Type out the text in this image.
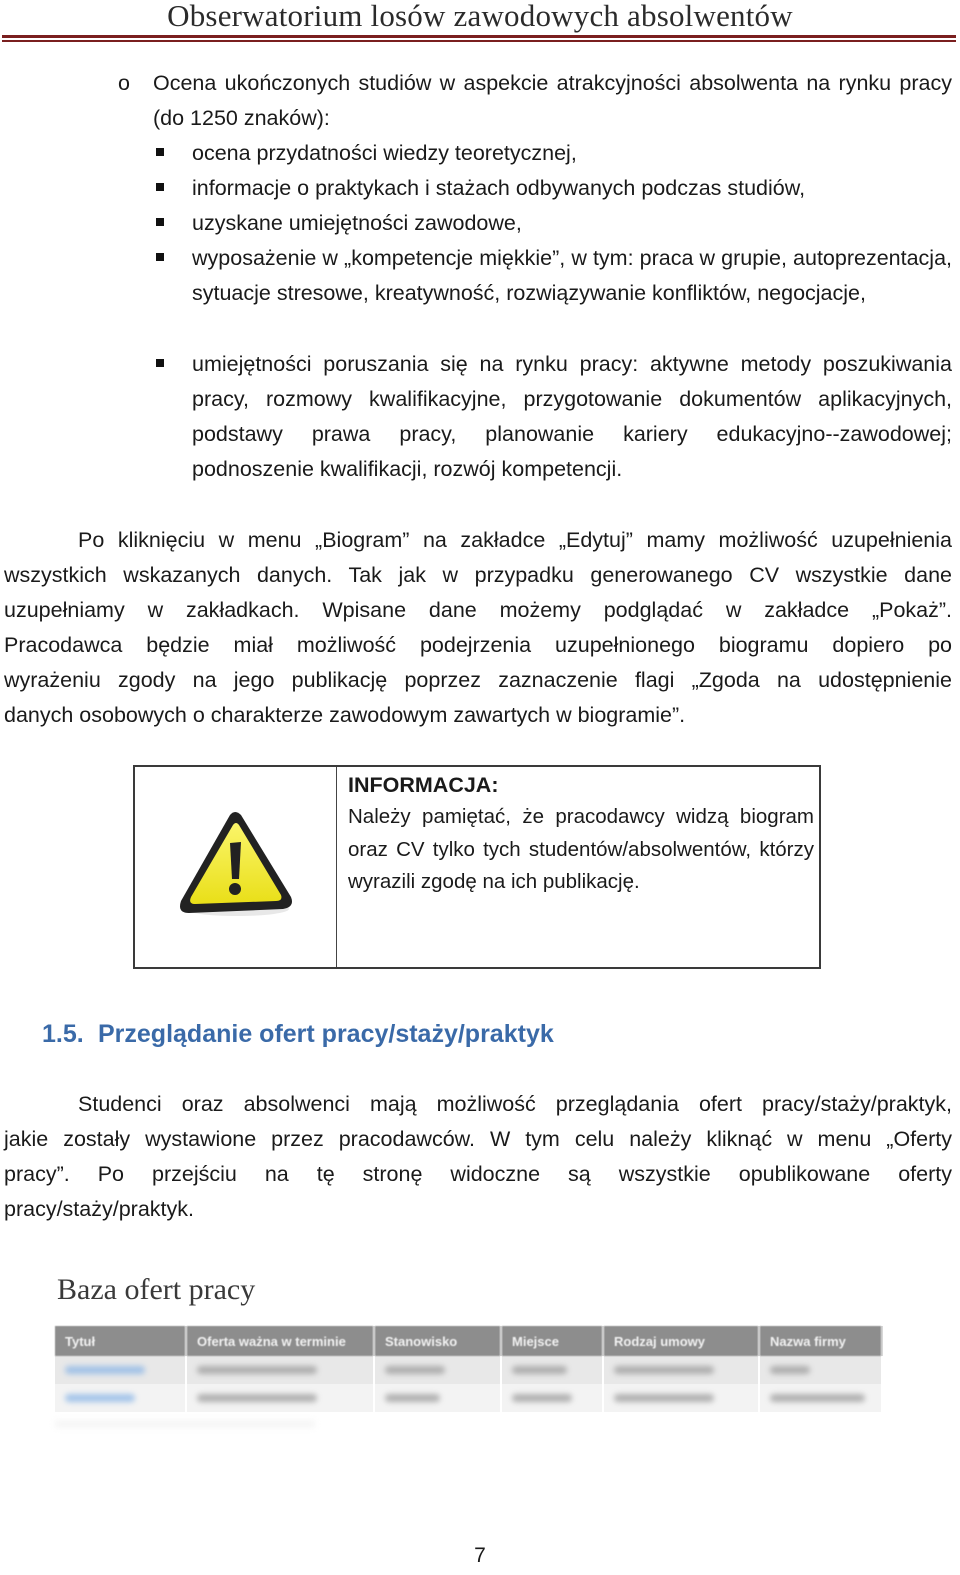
Obserwatorium losów zawodowych absolwentów
o	Ocena ukończonych studiów w aspekcie atrakcyjności absolwenta na rynku pracy (do 1250 znaków):
ocena przydatności wiedzy teoretycznej,
informacje o praktykach i stażach odbywanych podczas studiów,
uzyskane umiejętności zawodowe,
wyposażenie w „kompetencje miękkie”, w tym: praca w grupie, autoprezentacja, sytuacje stresowe, kreatywność, rozwiązywanie konfliktów, negocjacje,
umiejętności poruszania się na rynku pracy: aktywne metody poszukiwania pracy, rozmowy kwalifikacyjne, przygotowanie dokumentów aplikacyjnych, podstawy prawa pracy, planowanie kariery edukacyjno--zawodowej; podnoszenie kwalifikacji, rozwój kompetencji.
Po kliknięciu w menu „Biogram” na zakładce „Edytuj” mamy możliwość uzupełnienia
wszystkich wskazanych danych. Tak jak w przypadku generowanego CV wszystkie dane
uzupełniamy w zakładkach. Wpisane dane możemy podglądać w zakładce „Pokaż”.
Pracodawca będzie miał możliwość podejrzenia uzupełnionego biogramu dopiero po
wyrażeniu zgody na jego publikację poprzez zaznaczenie flagi „Zgoda na udostępnienie
danych osobowych o charakterze zawodowym zawartych w biogramie”.
INFORMACJA:
Należy pamiętać, że pracodawcy widzą biogram oraz CV tylko tych studentów/absolwentów, którzy wyrazili zgodę na ich publikację.
1.5. Przeglądanie ofert pracy/staży/praktyk
Studenci oraz absolwenci mają możliwość przeglądania ofert pracy/staży/praktyk,
jakie zostały wystawione przez pracodawców. W tym celu należy kliknąć w menu „Oferty
pracy”. Po przejściu na tę stronę widoczne są wszystkie opublikowane oferty
pracy/staży/praktyk.
Baza ofert pracy
Tytuł	Oferta ważna w terminie	Stanowisko	Miejsce	Rodzaj umowy	Nazwa firmy

7
